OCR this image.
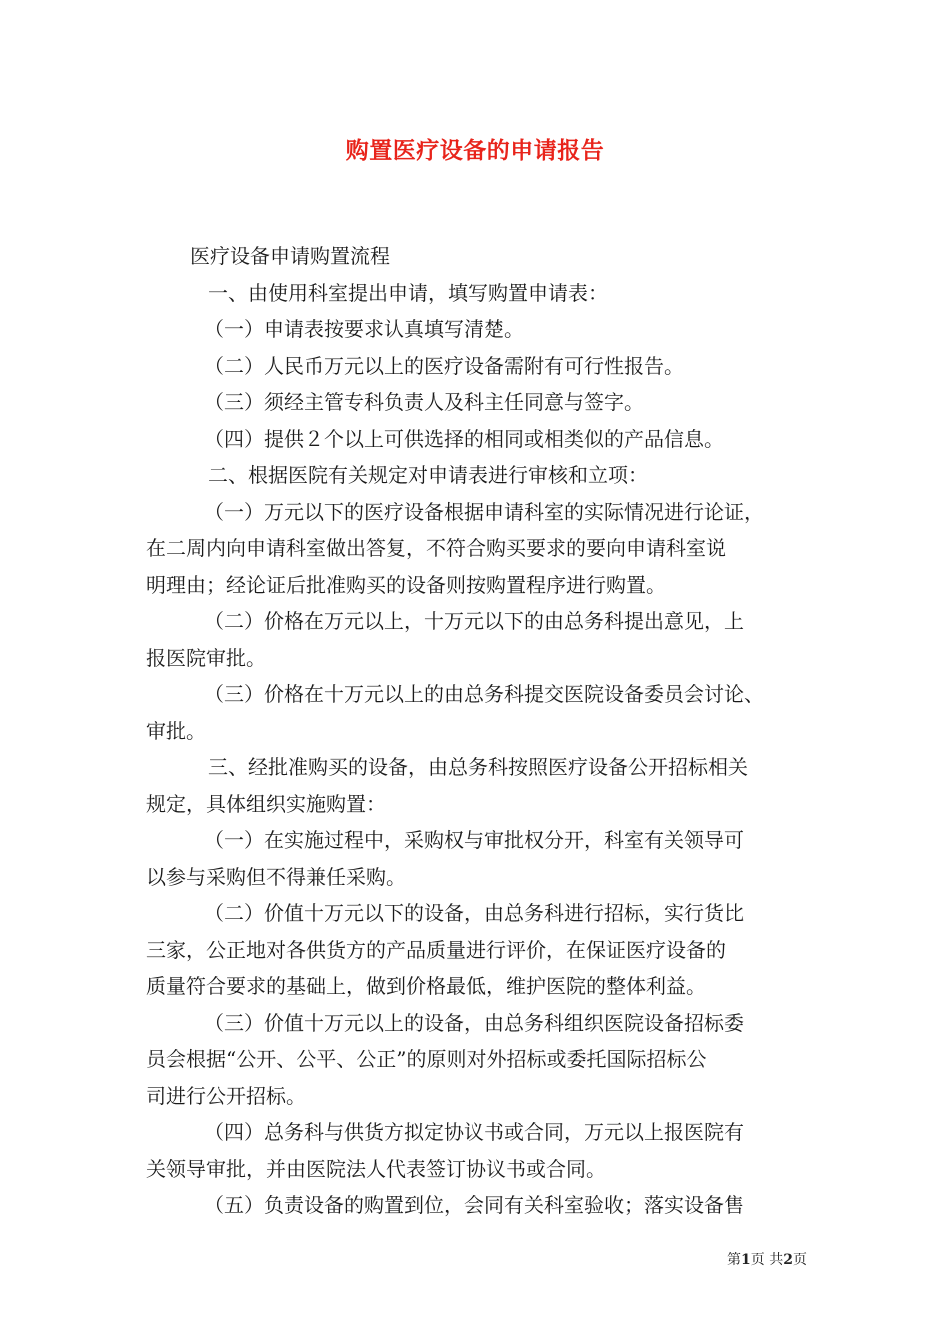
购置医疗设备的申请报告

医疗设备申请购置流程

一、由使用科室提出申请，填写购置申请表：

（一）申请表按要求认真填写清楚。

（二）人民币万元以上的医疗设备需附有可行性报告。

（三）须经主管专科负责人及科主任同意与签字。

（四）提供２个以上可供选择的相同或相类似的产品信息。

二、根据医院有关规定对申请表进行审核和立项：

（一）万元以下的医疗设备根据申请科室的实际情况进行论证，

在二周内向申请科室做出答复，不符合购买要求的要向申请科室说

明理由；经论证后批准购买的设备则按购置程序进行购置。

（二）价格在万元以上，十万元以下的由总务科提出意见，上

报医院审批。

（三）价格在十万元以上的由总务科提交医院设备委员会讨论、

审批。

三、经批准购买的设备，由总务科按照医疗设备公开招标相关

规定，具体组织实施购置：

（一）在实施过程中，采购权与审批权分开，科室有关领导可

以参与采购但不得兼任采购。

（二）价值十万元以下的设备，由总务科进行招标，实行货比

三家，公正地对各供货方的产品质量进行评价，在保证医疗设备的

质量符合要求的基础上，做到价格最低，维护医院的整体利益。

（三）价值十万元以上的设备，由总务科组织医院设备招标委

员会根据“公开、公平、公正”的原则对外招标或委托国际招标公

司进行公开招标。

（四）总务科与供货方拟定协议书或合同，万元以上报医院有

关领导审批，并由医院法人代表签订协议书或合同。

（五）负责设备的购置到位，会同有关科室验收；落实设备售

第1页 共2页
